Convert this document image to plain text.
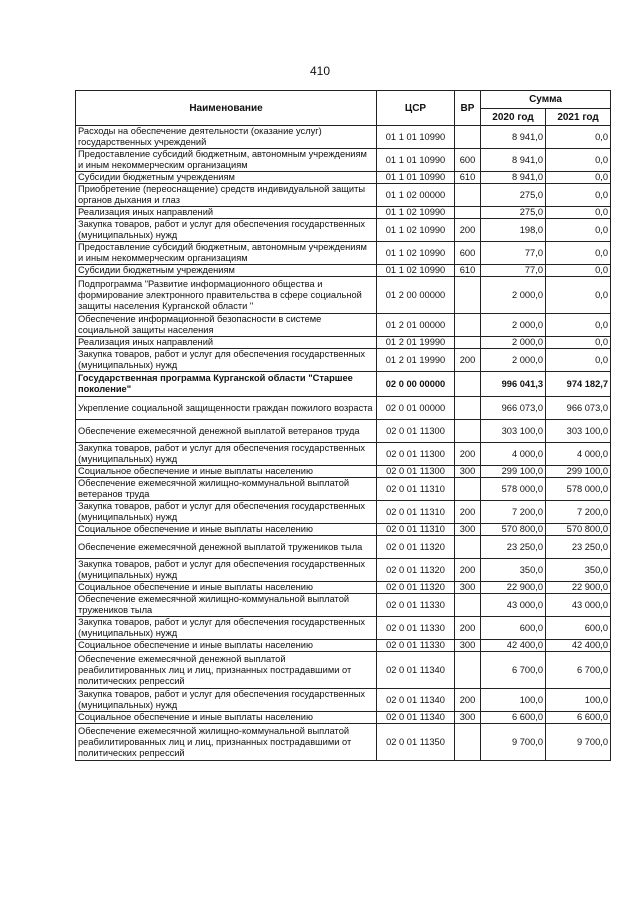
410
Наименование	ЦСР	ВР	Сумма	
			2020 год	2021 год
Расходы на обеспечение деятельности (оказание услуг) государственных учреждений	01 1 01 10990		8 941,0	0,0
Предоставление субсидий бюджетным, автономным учреждениям и иным некоммерческим организациям	01 1 01 10990	600	8 941,0	0,0
Субсидии бюджетным учреждениям	01 1 01 10990	610	8 941,0	0,0
Приобретение (переоснащение) средств индивидуальной защиты органов дыхания и глаз	01 1 02 00000		275,0	0,0
Реализация иных направлений	01 1 02 10990		275,0	0,0
Закупка товаров, работ и услуг для обеспечения государственных (муниципальных) нужд	01 1 02 10990	200	198,0	0,0
Предоставление субсидий бюджетным, автономным учреждениям и иным некоммерческим организациям	01 1 02 10990	600	77,0	0,0
Субсидии бюджетным учреждениям	01 1 02 10990	610	77,0	0,0
Подпрограмма "Развитие информационного общества и формирование электронного правительства в сфере социальной защиты населения Курганской области "	01 2 00 00000		2 000,0	0,0
Обеспечение информационной безопасности в системе социальной защиты населения	01 2 01 00000		2 000,0	0,0
Реализация иных направлений	01 2 01 19990		2 000,0	0,0
Закупка товаров, работ и услуг для обеспечения государственных (муниципальных) нужд	01 2 01 19990	200	2 000,0	0,0
Государственная программа Курганской области "Старшее поколение"	02 0 00 00000		996 041,3	974 182,7
Укрепление социальной защищенности граждан пожилого возраста	02 0 01 00000		966 073,0	966 073,0
Обеспечение ежемесячной денежной выплатой ветеранов труда	02 0 01 11300		303 100,0	303 100,0
Закупка товаров, работ и услуг для обеспечения государственных (муниципальных) нужд	02 0 01 11300	200	4 000,0	4 000,0
Социальное обеспечение и иные выплаты населению	02 0 01 11300	300	299 100,0	299 100,0
Обеспечение ежемесячной жилищно-коммунальной выплатой ветеранов труда	02 0 01 11310		578 000,0	578 000,0
Закупка товаров, работ и услуг для обеспечения государственных (муниципальных) нужд	02 0 01 11310	200	7 200,0	7 200,0
Социальное обеспечение и иные выплаты населению	02 0 01 11310	300	570 800,0	570 800,0
Обеспечение ежемесячной денежной выплатой тружеников тыла	02 0 01 11320		23 250,0	23 250,0
Закупка товаров, работ и услуг для обеспечения государственных (муниципальных) нужд	02 0 01 11320	200	350,0	350,0
Социальное обеспечение и иные выплаты населению	02 0 01 11320	300	22 900,0	22 900,0
Обеспечение ежемесячной жилищно-коммунальной выплатой тружеников тыла	02 0 01 11330		43 000,0	43 000,0
Закупка товаров, работ и услуг для обеспечения государственных (муниципальных) нужд	02 0 01 11330	200	600,0	600,0
Социальное обеспечение и иные выплаты населению	02 0 01 11330	300	42 400,0	42 400,0
Обеспечение ежемесячной денежной выплатой реабилитированных лиц и лиц, признанных пострадавшими от политических репрессий	02 0 01 11340		6 700,0	6 700,0
Закупка товаров, работ и услуг для обеспечения государственных (муниципальных) нужд	02 0 01 11340	200	100,0	100,0
Социальное обеспечение и иные выплаты населению	02 0 01 11340	300	6 600,0	6 600,0
Обеспечение ежемесячной жилищно-коммунальной выплатой реабилитированных лиц и лиц, признанных пострадавшими от политических репрессий	02 0 01 11350		9 700,0	9 700,0
